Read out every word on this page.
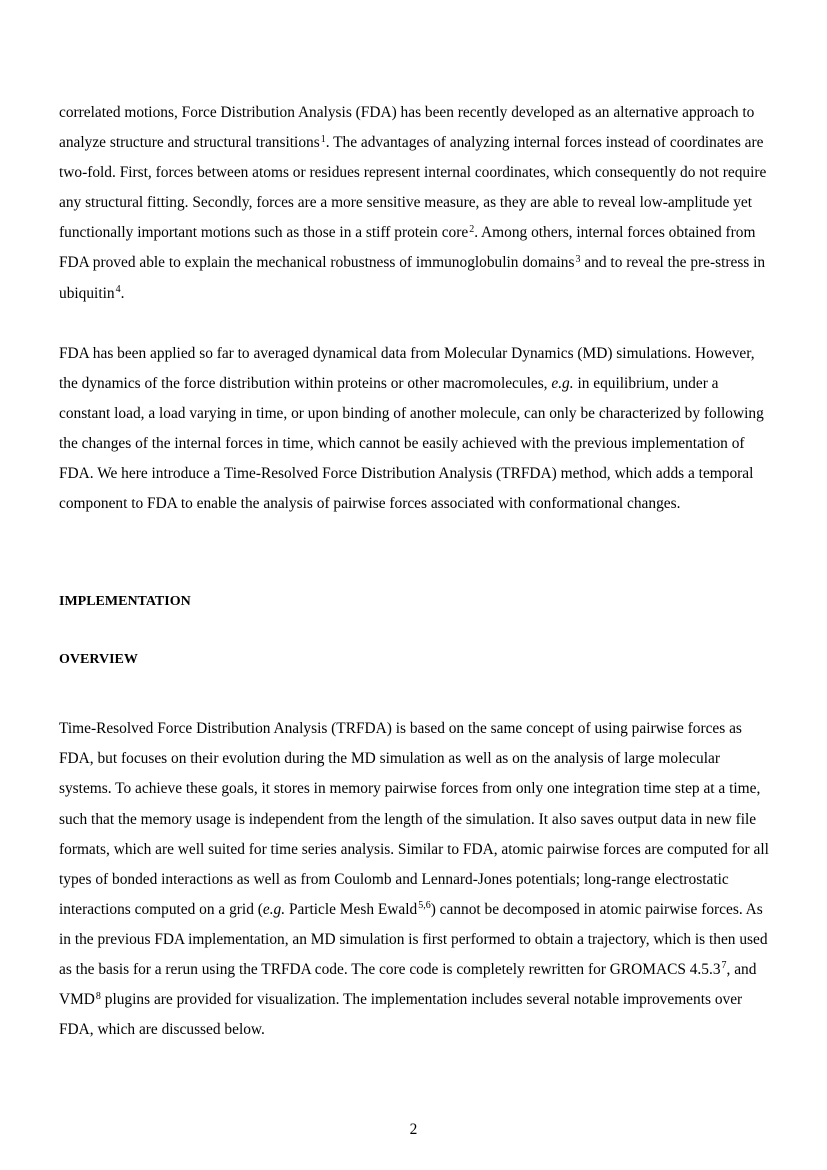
correlated motions, Force Distribution Analysis (FDA) has been recently developed as an alternative approach to analyze structure and structural transitions$^1$. The advantages of analyzing internal forces instead of coordinates are two-fold. First, forces between atoms or residues represent internal coordinates, which consequently do not require any structural fitting. Secondly, forces are a more sensitive measure, as they are able to reveal low-amplitude yet functionally important motions such as those in a stiff protein core$^2$. Among others, internal forces obtained from FDA proved able to explain the mechanical robustness of immunoglobulin domains$^3$ and to reveal the pre-stress in ubiquitin$^4$.

FDA has been applied so far to averaged dynamical data from Molecular Dynamics (MD) simulations. However, the dynamics of the force distribution within proteins or other macromolecules, e.g. in equilibrium, under a constant load, a load varying in time, or upon binding of another molecule, can only be characterized by following the changes of the internal forces in time, which cannot be easily achieved with the previous implementation of FDA. We here introduce a Time-Resolved Force Distribution Analysis (TRFDA) method, which adds a temporal component to FDA to enable the analysis of pairwise forces associated with conformational changes.

IMPLEMENTATION

OVERVIEW

Time-Resolved Force Distribution Analysis (TRFDA) is based on the same concept of using pairwise forces as FDA, but focuses on their evolution during the MD simulation as well as on the analysis of large molecular systems. To achieve these goals, it stores in memory pairwise forces from only one integration time step at a time, such that the memory usage is independent from the length of the simulation. It also saves output data in new file formats, which are well suited for time series analysis. Similar to FDA, atomic pairwise forces are computed for all types of bonded interactions as well as from Coulomb and Lennard-Jones potentials; long-range electrostatic interactions computed on a grid (e.g. Particle Mesh Ewald$^{5,6}$) cannot be decomposed in atomic pairwise forces. As in the previous FDA implementation, an MD simulation is first performed to obtain a trajectory, which is then used as the basis for a rerun using the TRFDA code. The core code is completely rewritten for GROMACS 4.5.3$^7$, and VMD$^8$ plugins are provided for visualization. The implementation includes several notable improvements over FDA, which are discussed below.

2
